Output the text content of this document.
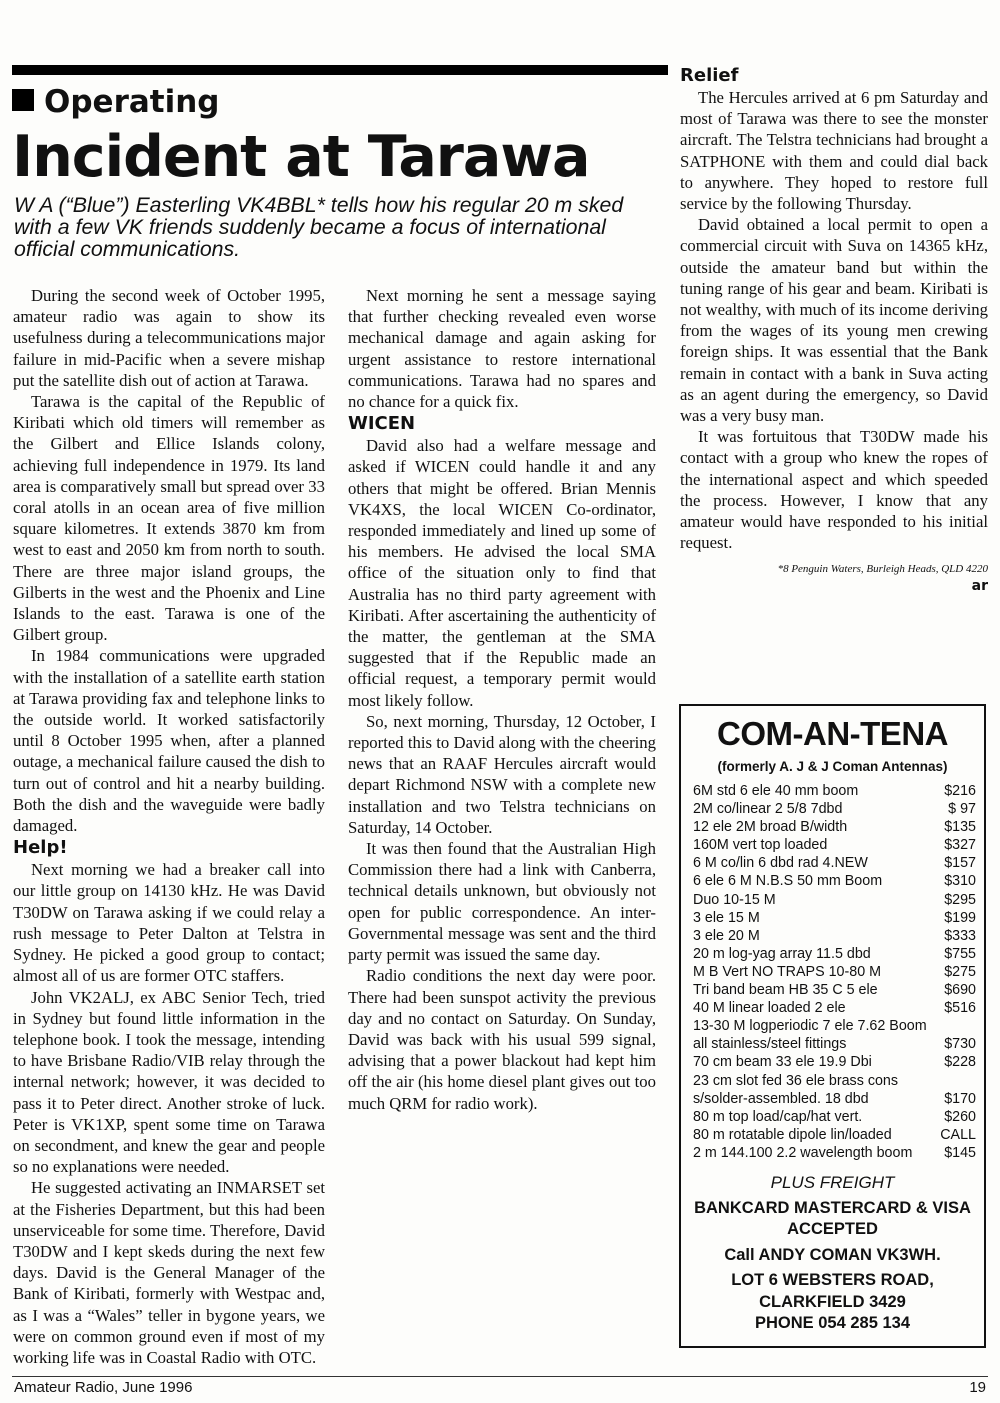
Operating
Incident at Tarawa
W A (“Blue”) Easterling VK4BBL* tells how his regular 20 m sked with a few VK friends suddenly became a focus of international official communications.

During the second week of October 1995, amateur radio was again to show its usefulness during a telecommunications major failure in mid-Pacific when a severe mishap put the satellite dish out of action at Tarawa.

Tarawa is the capital of the Republic of Kiribati which old timers will remember as the Gilbert and Ellice Islands colony, achieving full independence in 1979. Its land area is comparatively small but spread over 33 coral atolls in an ocean area of five million square kilometres. It extends 3870 km from west to east and 2050 km from north to south. There are three major island groups, the Gilberts in the west and the Phoenix and Line Islands to the east. Tarawa is one of the Gilbert group.

In 1984 communications were upgraded with the installation of a satellite earth station at Tarawa providing fax and telephone links to the outside world. It worked satisfactorily until 8 October 1995 when, after a planned outage, a mechanical failure caused the dish to turn out of control and hit a nearby building. Both the dish and the waveguide were badly damaged.

Help!

Next morning we had a breaker call into our little group on 14130 kHz. He was David T30DW on Tarawa asking if we could relay a rush message to Peter Dalton at Telstra in Sydney. He picked a good group to contact; almost all of us are former OTC staffers.

John VK2ALJ, ex ABC Senior Tech, tried in Sydney but found little information in the telephone book. I took the message, intending to have Brisbane Radio/VIB relay through the internal network; however, it was decided to pass it to Peter direct. Another stroke of luck. Peter is VK1XP, spent some time on Tarawa on secondment, and knew the gear and people so no explanations were needed.

He suggested activating an INMARSET set at the Fisheries Department, but this had been unserviceable for some time. Therefore, David T30DW and I kept skeds during the next few days. David is the General Manager of the Bank of Kiribati, formerly with Westpac and, as I was a “Wales” teller in bygone years, we were on common ground even if most of my working life was in Coastal Radio with OTC.

Next morning he sent a message saying that further checking revealed even worse mechanical damage and again asking for urgent assistance to restore international communications. Tarawa had no spares and no chance for a quick fix.

WICEN

David also had a welfare message and asked if WICEN could handle it and any others that might be offered. Brian Mennis VK4XS, the local WICEN Co-ordinator, responded immediately and lined up some of his members. He advised the local SMA office of the situation only to find that Australia has no third party agreement with Kiribati. After ascertaining the authenticity of the matter, the gentleman at the SMA suggested that if the Republic made an official request, a temporary permit would most likely follow.

So, next morning, Thursday, 12 October, I reported this to David along with the cheering news that an RAAF Hercules aircraft would depart Richmond NSW with a complete new installation and two Telstra technicians on Saturday, 14 October.

It was then found that the Australian High Commission there had a link with Canberra, technical details unknown, but obviously not open for public correspondence. An inter-Governmental message was sent and the third party permit was issued the same day.

Radio conditions the next day were poor. There had been sunspot activity the previous day and no contact on Saturday. On Sunday, David was back with his usual 599 signal, advising that a power blackout had kept him off the air (his home diesel plant gives out too much QRM for radio work).

Relief

The Hercules arrived at 6 pm Saturday and most of Tarawa was there to see the monster aircraft. The Telstra technicians had brought a SATPHONE with them and could dial back to anywhere. They hoped to restore full service by the following Thursday.

David obtained a local permit to open a commercial circuit with Suva on 14365 kHz, outside the amateur band but within the tuning range of his gear and beam. Kiribati is not wealthy, with much of its income deriving from the wages of its young men crewing foreign ships. It was essential that the Bank remain in contact with a bank in Suva acting as an agent during the emergency, so David was a very busy man.

It was fortuitous that T30DW made his contact with a group who knew the ropes of the international aspect and which speeded the process. However, I know that any amateur would have responded to his initial request.

*8 Penguin Waters, Burleigh Heads, QLD 4220
ar
COM-AN-TENA
(formerly A. J & J Coman Antennas)
6M std 6 ele 40 mm boom	$216
2M co/linear 2 5/8 7dbd	$ 97
12 ele 2M broad B/width	$135
160M vert top loaded	$327
6 M co/lin 6 dbd rad 4.NEW	$157
6 ele 6 M N.B.S 50 mm Boom	$310
Duo 10-15 M	$295
3 ele 15 M	$199
3 ele 20 M	$333
20 m log-yag array 11.5 dbd	$755
M B Vert NO TRAPS 10-80 M	$275
Tri band beam HB 35 C 5 ele	$690
40 M linear loaded 2 ele	$516
13-30 M logperiodic 7 ele 7.62 Boom
all stainless/steel fittings	$730
70 cm beam 33 ele 19.9 Dbi	$228
23 cm slot fed 36 ele brass cons
s/solder-assembled. 18 dbd	$170
80 m top load/cap/hat vert.	$260
80 m rotatable dipole lin/loaded	CALL
2 m 144.100 2.2 wavelength boom $145
PLUS FREIGHT
BANKCARD MASTERCARD & VISA ACCEPTED
Call ANDY COMAN VK3WH.
LOT 6 WEBSTERS ROAD,
CLARKFIELD 3429
PHONE 054 285 134
Amateur Radio, June 1996	19
